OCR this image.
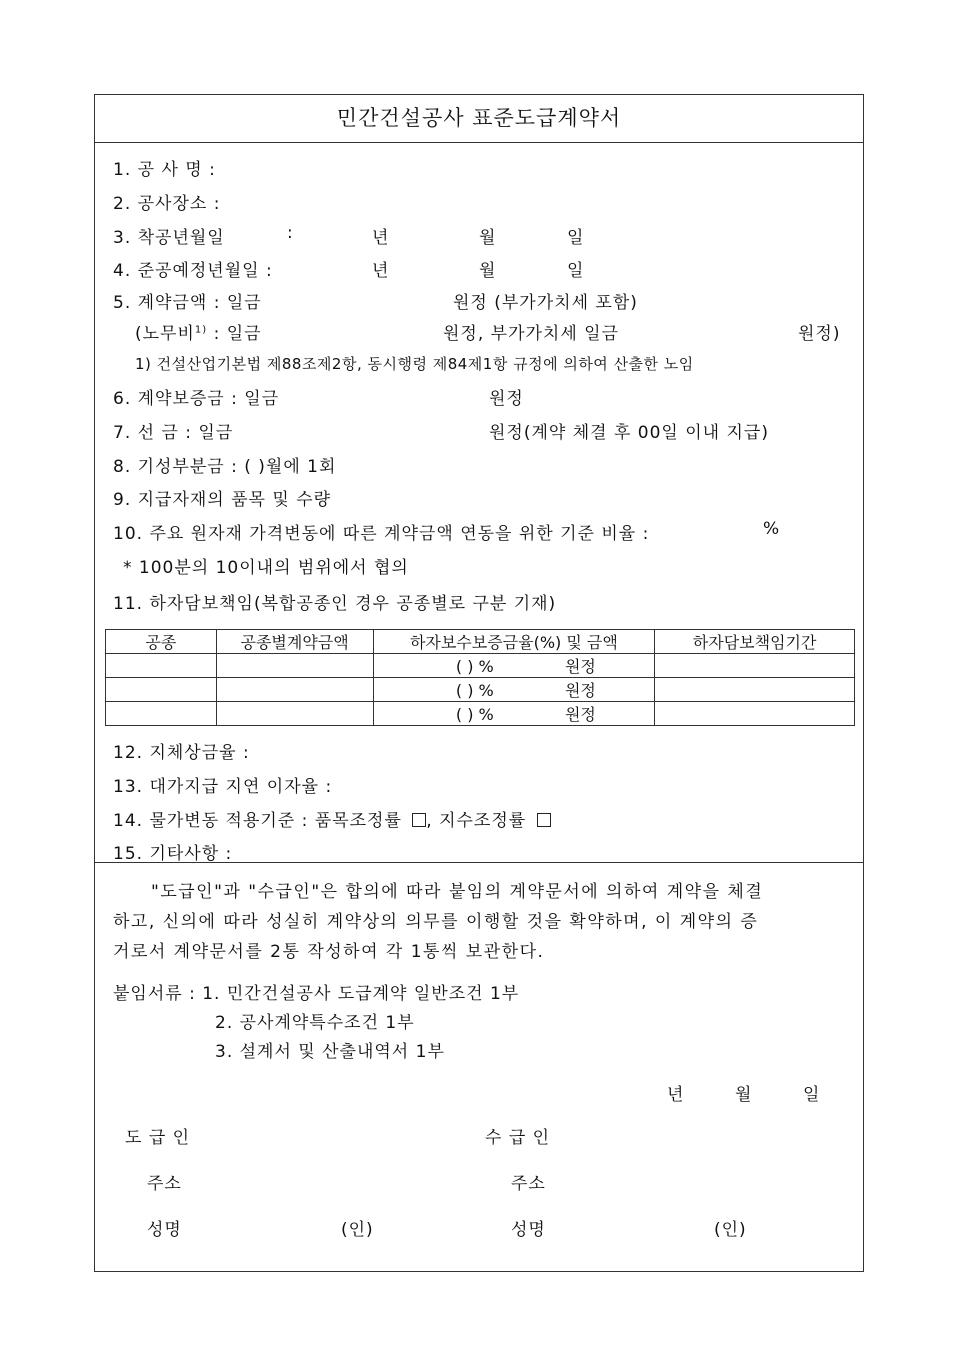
민간건설공사 표준도급계약서
1. 공 사 명 :
2. 공사장소 :
3. 착공년월일	:	년	월	일
4. 준공예정년월일 :	년	월	일
5. 계약금액 : 일금	원정 (부가가치세 포함)
(노무비$^{1)}$ : 일금	원정, 부가가치세 일금	원정)
1) 건설산업기본법 제88조제2항, 동시행령 제84제1항 규정에 의하여 산출한 노임
6. 계약보증금 : 일금	원정
7. 선 금 : 일금	원정(계약 체결 후 00일 이내 지급)
8. 기성부분금 : ( )월에 1회
9. 지급자재의 품목 및 수량
10. 주요 원자재 가격변동에 따른 계약금액 연동을 위한 기준 비율 :	%
* 100분의 10이내의 범위에서 협의
11. 하자담보책임(복합공종인 경우 공종별로 구분 기재)
공종	공종별계약금액	하자보수보증금율(%) 및 금액	하자담보책임기간
		( ) % 원정	
		( ) % 원정	
		( ) % 원정	
12. 지체상금율 :
13. 대가지급 지연 이자율 :
14. 물가변동 적용기준 : 품목조정률 , 지수조정률
15. 기타사항 :
"도급인"과 "수급인"은 합의에 따라 붙임의 계약문서에 의하여 계약을 체결
하고, 신의에 따라 성실히 계약상의 의무를 이행할 것을 확약하며, 이 계약의 증
거로서 계약문서를 2통 작성하여 각 1통씩 보관한다.
붙임서류 : 1. 민간건설공사 도급계약 일반조건 1부
2. 공사계약특수조건 1부
3. 설계서 및 산출내역서 1부
년	월	일
도 급 인	수 급 인
주소	주소
성명	(인)	성명	(인)
